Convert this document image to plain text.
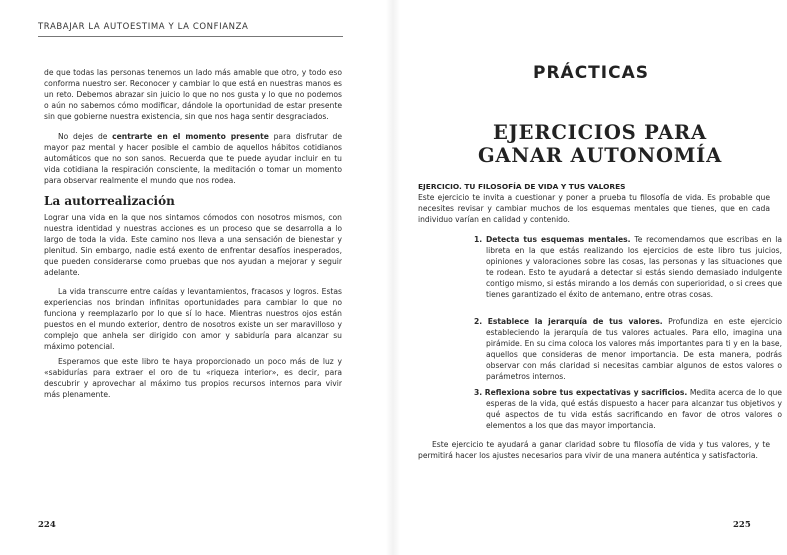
TRABAJAR LA AUTOESTIMA Y LA CONFIANZA

de que todas las personas tenemos un lado más amable que otro, y todo eso conforma nuestro ser. Reconocer y cambiar lo que está en nuestras manos es un reto. Debemos abrazar sin juicio lo que no nos gusta y lo que no podemos o aún no sabemos cómo modificar, dándole la oportunidad de estar presente sin que gobierne nuestra existencia, sin que nos haga sentir desgraciados.

No dejes de centrarte en el momento presente para disfrutar de mayor paz mental y hacer posible el cambio de aquellos hábitos cotidianos automáticos que no son sanos. Recuerda que te puede ayudar incluir en tu vida cotidiana la respiración consciente, la meditación o tomar un momento para observar realmente el mundo que nos rodea.

La autorrealización

Lograr una vida en la que nos sintamos cómodos con nosotros mismos, con nuestra identidad y nuestras acciones es un proceso que se desarrolla a lo largo de toda la vida. Este camino nos lleva a una sensación de bienestar y plenitud. Sin embargo, nadie está exento de enfrentar desafíos inesperados, que pueden considerarse como pruebas que nos ayudan a mejorar y seguir adelante.

La vida transcurre entre caídas y levantamientos, fracasos y logros. Estas experiencias nos brindan infinitas oportunidades para cambiar lo que no funciona y reemplazarlo por lo que sí lo hace. Mientras nuestros ojos están puestos en el mundo exterior, dentro de nosotros existe un ser maravilloso y complejo que anhela ser dirigido con amor y sabiduría para alcanzar su máximo potencial.

Esperamos que este libro te haya proporcionado un poco más de luz y «sabidurías para extraer el oro de tu «riqueza interior», es decir, para descubrir y aprovechar al máximo tus propios recursos internos para vivir más plenamente.

224

PRÁCTICAS
EJERCICIOS PARA
GANAR AUTONOMÍA

EJERCICIO. TU FILOSOFÍA DE VIDA Y TUS VALORES

Este ejercicio te invita a cuestionar y poner a prueba tu filosofía de vida. Es probable que necesites revisar y cambiar muchos de los esquemas mentales que tienes, que en cada individuo varían en calidad y contenido.

1. Detecta tus esquemas mentales. Te recomendamos que escribas en la libreta en la que estás realizando los ejercicios de este libro tus juicios, opiniones y valoraciones sobre las cosas, las personas y las situaciones que te rodean. Esto te ayudará a detectar si estás siendo demasiado indulgente contigo mismo, si estás mirando a los demás con superioridad, o si crees que tienes garantizado el éxito de antemano, entre otras cosas.

2. Establece la jerarquía de tus valores. Profundiza en este ejercicio estableciendo la jerarquía de tus valores actuales. Para ello, imagina una pirámide. En su cima coloca los valores más importantes para ti y en la base, aquellos que consideras de menor importancia. De esta manera, podrás observar con más claridad si necesitas cambiar algunos de estos valores o parámetros internos.

3. Reflexiona sobre tus expectativas y sacrificios. Medita acerca de lo que esperas de la vida, qué estás dispuesto a hacer para alcanzar tus objetivos y qué aspectos de tu vida estás sacrificando en favor de otros valores o elementos a los que das mayor importancia.

Este ejercicio te ayudará a ganar claridad sobre tu filosofía de vida y tus valores, y te permitirá hacer los ajustes necesarios para vivir de una manera auténtica y satisfactoria.

225
